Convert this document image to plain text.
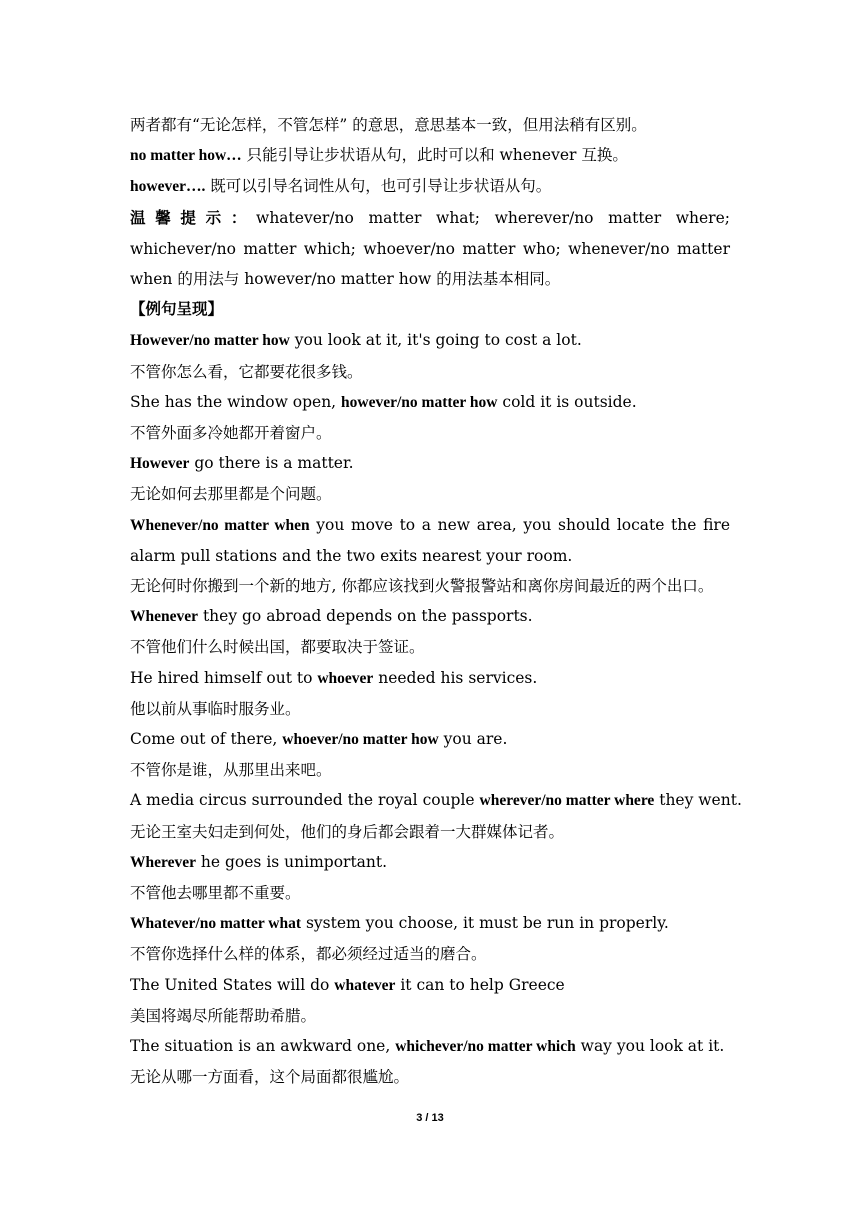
两者都有“无论怎样，不管怎样” 的意思，意思基本一致，但用法稍有区别。

no matter how… 只能引导让步状语从句，此时可以和 whenever 互换。

however…. 既可以引导名词性从句，也可引导让步状语从句。

温馨提示：whatever/no matter what; wherever/no matter where; whichever/no matter which; whoever/no matter who; whenever/no matter when 的用法与 however/no matter how 的用法基本相同。

【例句呈现】

However/no matter how you look at it, it's going to cost a lot.

不管你怎么看，它都要花很多钱。

She has the window open, however/no matter how cold it is outside.

不管外面多冷她都开着窗户。

However go there is a matter.

无论如何去那里都是个问题。

Whenever/no matter when you move to a new area, you should locate the fire alarm pull stations and the two exits nearest your room.

无论何时你搬到一个新的地方, 你都应该找到火警报警站和离你房间最近的两个出口。

Whenever they go abroad depends on the passports.

不管他们什么时候出国，都要取决于签证。

He hired himself out to whoever needed his services.

他以前从事临时服务业。

Come out of there, whoever/no matter how you are.

不管你是谁，从那里出来吧。

A media circus surrounded the royal couple wherever/no matter where they went.

无论王室夫妇走到何处，他们的身后都会跟着一大群媒体记者。

Wherever he goes is unimportant.

不管他去哪里都不重要。

Whatever/no matter what system you choose, it must be run in properly.

不管你选择什么样的体系，都必须经过适当的磨合。

The United States will do whatever it can to help Greece

美国将竭尽所能帮助希腊。

The situation is an awkward one, whichever/no matter which way you look at it.

无论从哪一方面看，这个局面都很尴尬。

3 / 13
